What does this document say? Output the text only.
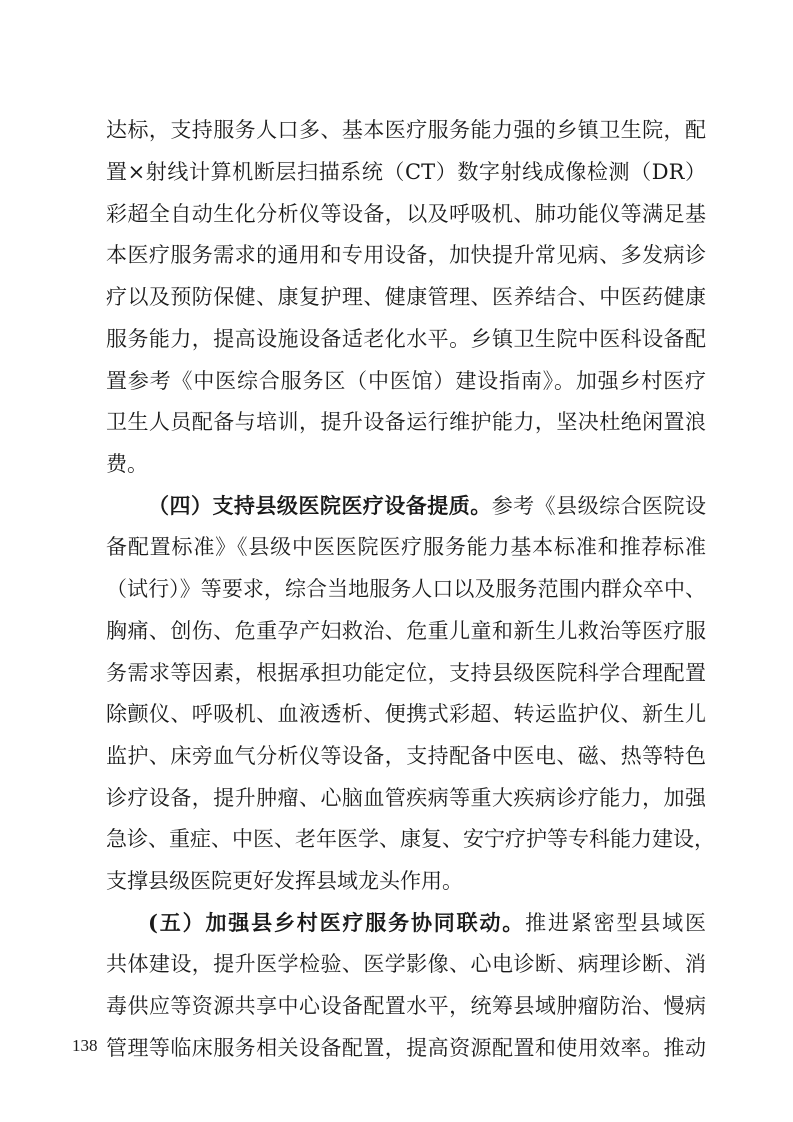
达标，支持服务人口多、基本医疗服务能力强的乡镇卫生院，配
置×射线计算机断层扫描系统（CT）数字射线成像检测（DR）
彩超全自动生化分析仪等设备，以及呼吸机、肺功能仪等满足基
本医疗服务需求的通用和专用设备，加快提升常见病、多发病诊
疗以及预防保健、康复护理、健康管理、医养结合、中医药健康
服务能力，提高设施设备适老化水平。乡镇卫生院中医科设备配
置参考《中医综合服务区（中医馆）建设指南》。加强乡村医疗
卫生人员配备与培训，提升设备运行维护能力，坚决杜绝闲置浪
费。
（四）支持县级医院医疗设备提质。参考《县级综合医院设
备配置标准》《县级中医医院医疗服务能力基本标准和推荐标准
（试行）》等要求，综合当地服务人口以及服务范围内群众卒中、
胸痛、创伤、危重孕产妇救治、危重儿童和新生儿救治等医疗服
务需求等因素，根据承担功能定位，支持县级医院科学合理配置
除颤仪、呼吸机、血液透析、便携式彩超、转运监护仪、新生儿
监护、床旁血气分析仪等设备，支持配备中医电、磁、热等特色
诊疗设备，提升肿瘤、心脑血管疾病等重大疾病诊疗能力，加强
急诊、重症、中医、老年医学、康复、安宁疗护等专科能力建设，
支撑县级医院更好发挥县域龙头作用。
(五）加强县乡村医疗服务协同联动。推进紧密型县域医
共体建设，提升医学检验、医学影像、心电诊断、病理诊断、消
毒供应等资源共享中心设备配置水平，统筹县域肿瘤防治、慢病
管理等临床服务相关设备配置，提高资源配置和使用效率。推动
138
